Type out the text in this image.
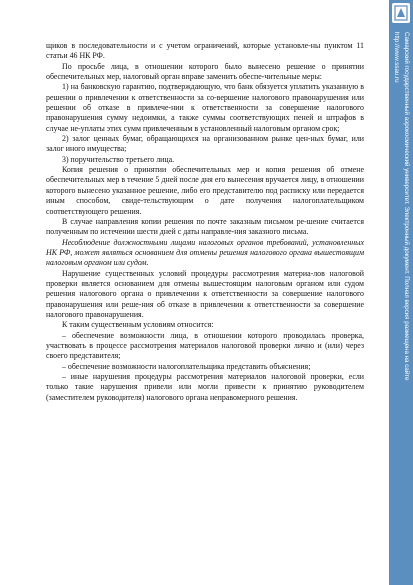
Самарский государственный аэрокосмический университет. Электронный документ. Полная версия размещена на сайте
http://www.ssau.ru

щиков в последовательности и с учетом ограничений, которые установле-ны пунктом 11 статьи 46 НК РФ.

По просьбе лица, в отношении которого было вынесено решение о принятии обеспечительных мер, налоговый орган вправе заменить обеспе-чительные меры:

1) на банковскую гарантию, подтверждающую, что банк обязуется уплатить указанную в решении о привлечении к ответственности за со-вершение налогового правонарушения или решении об отказе в привлече-нии к ответственности за совершение налогового правонарушения сумму недоимки, а также суммы соответствующих пеней и штрафов в случае не-уплаты этих сумм привлеченным в установленный налоговым органом срок;

2) залог ценных бумаг, обращающихся на организованном рынке цен-ных бумаг, или залог иного имущества;

3) поручительство третьего лица.

Копия решения о принятии обеспечительных мер и копия решения об отмене обеспечительных мер в течение 5 дней после дня его вынесения вручается лицу, в отношении которого вынесено указанное решение, либо его представителю под расписку или передается иным способом, свиде-тельствующим о дате получения налогоплательщиком соответствующего решения.

В случае направления копии решения по почте заказным письмом ре-шение считается полученным по истечении шести дней с даты направле-ния заказного письма.

Несоблюдение должностными лицами налоговых органов требований, установленных НК РФ, может являться основанием для отмены решения налогового органа вышестоящим налоговым органом или судом.

Нарушение существенных условий процедуры рассмотрения материа-лов налоговой проверки является основанием для отмены вышестоящим налоговым органом или судом решения налогового органа о привлечении к ответственности за совершение налогового правонарушения или реше-ния об отказе в привлечении к ответственности за совершение налогового правонарушения.

К таким существенным условиям относится:

– обеспечение возможности лица, в отношении которого проводилась проверка, участвовать в процессе рассмотрения материалов налоговой проверки лично и (или) через своего представителя;

– обеспечение возможности налогоплательщика представить объяснения;

– иные нарушения процедуры рассмотрения материалов налоговой проверки, если только такие нарушения привели или могли привести к принятию руководителем (заместителем руководителя) налогового органа неправомерного решения.
